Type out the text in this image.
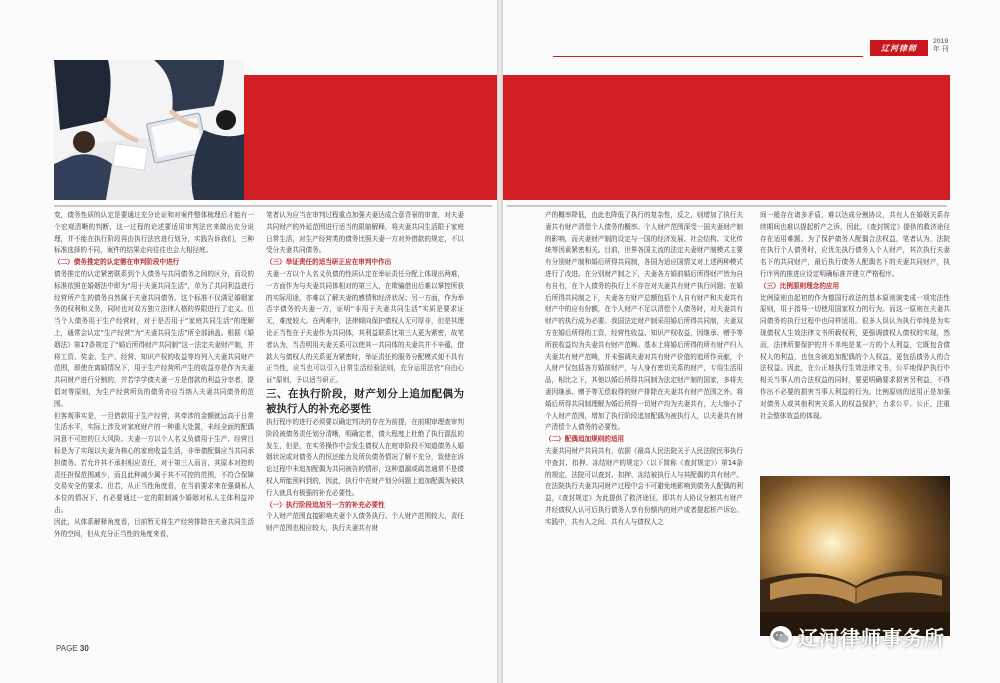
变，债务性质的认定是要通过充分论证和对案件整体梳理后才能有一个宏观清晰的判断，这一过程的论述要适用审判法官来做出充分说理，并不能在执行阶段再由执行法官进行划分，实践告诉我们，三种标准选择的不同，案件的结果走向往往也会大相径庭。

（二）债务推定的认定需在审判阶段中进行

债务推定的认定紧密联系到个人债务与共同债务之间的区分，而设的标准依照在婚姻法中即为“用于夫妻共同生活”，单为了共同利益进行经营所产生的债务自然属于夫妻共同债务。这个标准不仅满足婚姻家务的权利和义务，同时也对双方独立法律人格的界限进行了定义。但当个人债务用于生产经营时，对于是否用于“家庭共同生活”的理解上，通常会认定“生产经营”为“夫妻共同生活”所全部涵盖。根据《婚姻法》第17条规定了“婚后所得财产共同制”这一法定夫妻财产制，并将工资、奖金、生产、经营、知识产权的收益等均列入夫妻共同财产范围，即使在离婚情况下，用于生产经营所产生的收益亦是作为夫妻共同财产进行分割的，并若学学债夫妻一方是借款的利益分享者，提倡对等原则，为生产经营所负的债务亦应当纳入夫妻共同债务的范围。

但客观事实是，一旦借款用于生产经营，其牵涉的金额就远高于日常生活水平，实际上涉及对家庭财产的一种重大处置，未经全面的配偶同意不可控的巨大风险。夫妻一方以个人名义负债用于生产、经营目标是为了实现以夫妻为核心的家庭收益生活，非举债配偶应当共同承担债务。若允许其不承担相应责任，对于第三人而言，其原本对控的责任担保范围减少，而且此种减少属于其不可控的范围，不符合保障交易安全的要求。但若，从正当性角度看，在当前要求来在强调私人本位的情况下，有必要通过一定的限制减少婚姻对私人主体利益冲击。

因此，从体系解释角度看，目前暂无将生产经营排除在夫妻共同生活外的空间，但从充分正当性的角度来看，

笔者认为应当在审判过程重点加强夫妻达成合意背景的审查，对夫妻共同财产的外延范围进行适当的限缩解释，将夫妻共同生活限于家庭日常生活，对生产经营类的债务比照夫妻一方对外借款的规定，不以受分夫妻共同债务。

（三）举证责任的适当研正应在审判中作出

夫妻一方以个人名义负债的性质认定在举证责任分配上体现出两难，一方面作为与夫妻共同体相对的第三人，在欺骗借出后难以掌控所获的实际用途，亦难以了解夫妻的感情和经济状况；另一方面，作为举否字债务的夫妻一方，证明“非用于夫妻共同生活”实质是要求证无，难度较大。在两难中，法律倾向保护债权人无可厚非，但是其理论正当性在于夫妻作为共同体，其利益联系比第三人更为紧密，故笔者认为，当否明用夫妻关系可以使其一共同体的夫妻共并不辛蕴，借款人与债权人的关系更为紧密时，举证责任的服务分配模式便不具有正当性，应当也可以引入日常生活经验法则，充分运用法官“自由心证”原则，予以适当研正。

三、在执行阶段，财产划分上追加配偶为被执行人的补充必要性

执行程序的进行必须要以确定判决的存在为前提，在前期审理查审判阶段被债务责任划分清晰，明确定者，债大程度上杜绝了执行混乱的发生，但是，在实务操作中会发生债权人在庭审阶段不知道债务人婚姻状况或对债务人的恒还能力及所负债务情况了解不充分，致使在诉讼过程中未追加配偶为共同被告的情形，这种遗漏或疏忽通常不是债权人所能预料到的，因此，执行中在财产划分问题上追加配偶为被执行人就具有极强的补充必要性。

（一）执行阶段追加另一方的补充必要性

个人财产范围直接影响夫妻个人债务执行。个人财产范围较大，责任财产范围也相应较大，执行夫妻共有财

PAGE 30

产的概率降低，由此也降低了执行的复杂性，反之，则增加了执行夫妻共有财产清偿个人债务的概率。个人财产范围深受一国夫妻财产制的影响，而夫妻财产制的设定与一国的经济发展、社会结构、文化传统等因素紧密相关。目前，世界各国主流的法定夫妻财产制模式主要有分别财产制和婚后所得共同制，各国为适应国情又对上述两种模式进行了改进。在分别财产制之下，夫妻各方婚前婚后所得财产皆为自有自有，在个人债务的执行上不存在对夫妻共有财产执行问题；在婚后所得共同制之下，夫妻各方财产总额包括个人自有财产和夫妻共有财产中的应有份额，在个人财产不足以清偿个人债务时，对夫妻共有财产的执行成为必要。我国法定财产制采用婚后所得共同制，夫妻双方在婚后所得的工资、经营性收益、知识产权收益，因继承、赠予等所获收益均为夫妻共有财产范畴。基本上将婚后所得的所有财产归入夫妻共有财产范畴，并未强调夫妻对共有财产价值的追所作贡献，个人财产仅包括各方婚前财产，与人身有密切关系的财产，专用生活用品，相比之下，其他以婚后所得共同制为法定财产制的国家，多将夫妻因继承、赠予等无偿取得的财产排除在夫妻共有财产范围之外。将婚后所得共同制理解为婚后所得一切财产均为夫妻共有，大大缩小了个人财产范围，增加了执行阶段追加配偶为被执行人，以夫妻共有财产清偿个人债务的必要性。

（二）配偶追加规则的适用

夫妻共同财产共同共有，依据《最高人民法院关于人民法院民事执行中查封、扣押、冻结财产的规定》（以下简称《查封规定》）第14条的规定，法院可以查封、扣押、冻结被执行人与其配偶的共有财产。在法院执行夫妻共同财产过程中会不可避免地影响到债务人配偶的利益，《查封规定》为此提供了救济途径，即共有人协议分割共有财产并经债权人认可后执行债务人享有份额内的财产或者提起析产诉讼。实践中，共有人之间、共有人与债权人之

间一般存在诸多矛盾，难以达成分割协议，共有人在婚姻关系存续期间也难以提起析产之诉，因此，《查封规定》提供的救济途径存在适用难题。为了保护债务人配偶合法权益，笔者认为，法院在执行个人债务时，应优先执行债务人个人财产，其次执行夫妻名下的共同财产，最后执行债务人配偶名下的夫妻共同财产，执行序列的推进应设定明确标准并建立严格程序。

（三）比例原则理念的应用

比例原则由起初的作为德国行政法的基本原则演变成一项宪法性原则，用于指导一切使用国家权力的行为。而这一原则在夫妻共同债务的执行过程中也同样适用。很多人误认为执行单纯是为实现债权人生效法律文书所载权利，更强调债权人债权的实现，然而，法律所要保护的并不单纯是某一方的个人利益，它既包含债权人的利益，也包含被追加配偶的个人权益，更包括债务人的合法权益。因此，在公正地执行生效法律文书，公平地保护执行中相关当事人的合法权益的同时，要更明确要求损害另利益，不得作出不必要的损害当事人利益的行为。比例原则的适用正是加强对债务人或其他利害关系人的权益保护，力求公平、公正，注重社会整体效益的体现。

辽河律师
2019
年 刊
辽河律师事务所
